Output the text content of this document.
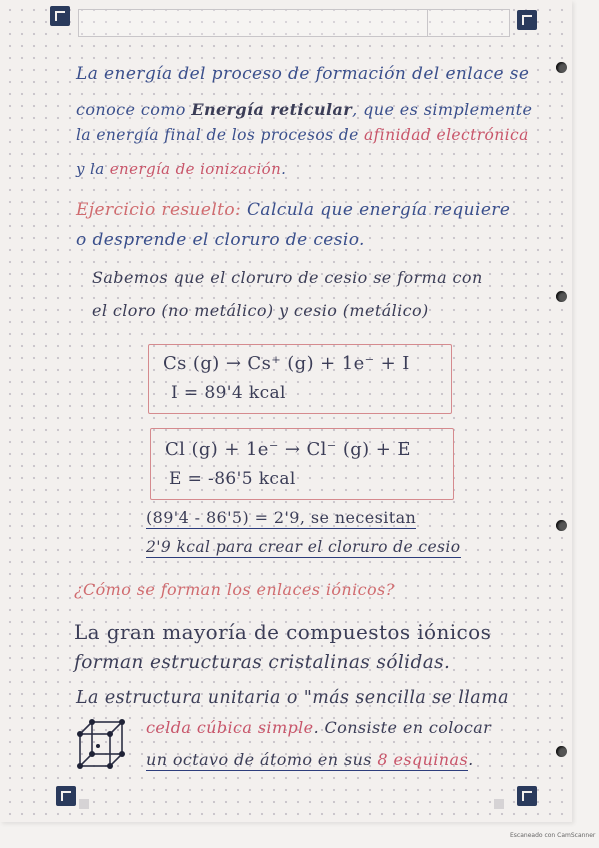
La energía del proceso de formación del enlace se
conoce como Energía reticular, que es simplemente
la energía final de los procesos de afinidad electrónica
y la energía de ionización.
Ejercicio resuelto: Calcula que energía requiere
o desprende el cloruro de cesio.
Sabemos que el cloruro de cesio se forma con
el cloro (no metálico) y cesio (metálico)
Cs (g) → Cs⁺ (g) + 1e⁻ + I
I = 89'4 kcal
Cl (g) + 1e⁻ → Cl⁻ (g) + E
E = -86'5 kcal
(89'4 - 86'5) = 2'9, se necesitan
2'9 kcal para crear el cloruro de cesio
¿Cómo se forman los enlaces iónicos?
La gran mayoría de compuestos iónicos
forman estructuras cristalinas sólidas.
La estructura unitaria o "más sencilla se llama
celda cúbica simple. Consiste en colocar
un octavo de átomo en sus 8 esquinas.
Escaneado con CamScanner
